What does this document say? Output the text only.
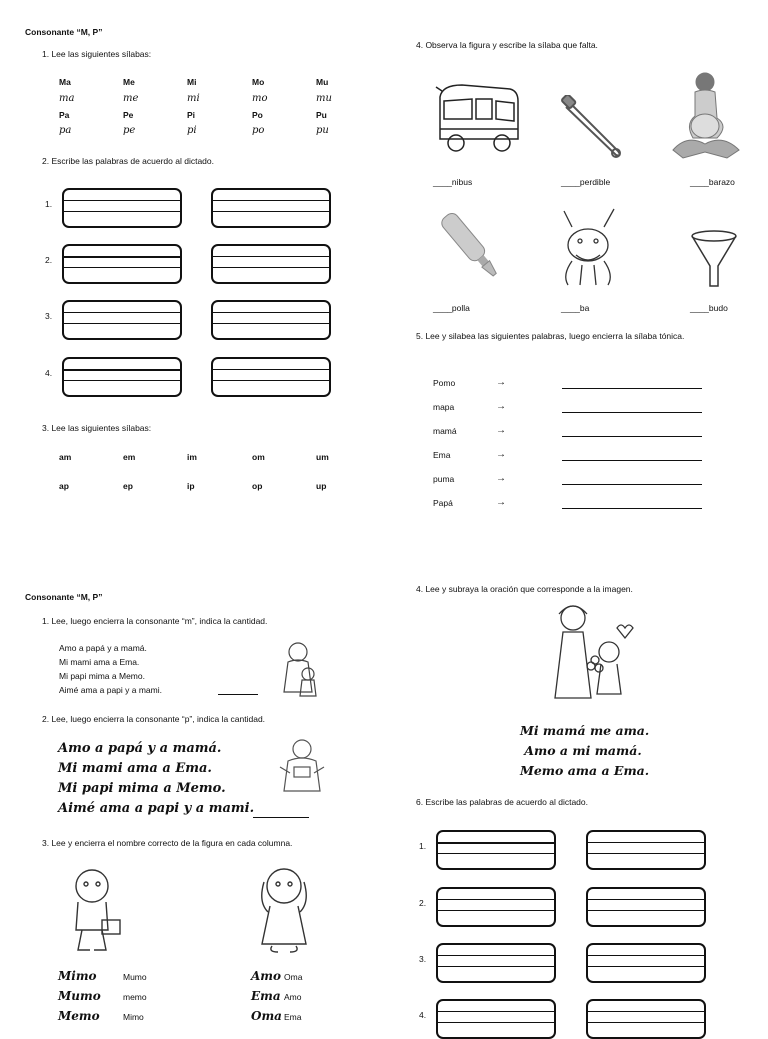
Consonante “M, P”
1. Lee las siguientes sílabas:
2. Escribe las palabras de acuerdo al dictado.
1.
2.
3.
4.
3. Lee las siguientes sílabas:
am	em	im	om	um
ap	ep	ip	op	up
4. Observa la figura y escribe la sílaba que falta.
____nibus	____perdible	____barazo
____polla	____ba	____budo
5. Lee y silabea las siguientes palabras, luego encierra la sílaba tónica.
Pomo	→
mapa	→
mamá	→
Ema	→
puma	→
Papá	→
Consonante “M, P”
1. Lee, luego encierra la consonante “m”, indica la cantidad.
Amo a papá y a mamá.
Mi mami ama a Ema.
Mi papi mima a Memo.
Aimé ama a papi y a mami.
2. Lee, luego encierra la consonante “p”, indica la cantidad.
Amo a papá y a mamá.
Mi mami ama a Ema.
Mi papi mima a Memo.
Aimé ama a papi y a mami.
3. Lee y encierra el nombre correcto de la figura en cada columna.
Mimo	Mumo	Amo Oma
Mumo	memo	Ema Amo
Memo	Mimo	Oma Ema
4. Lee y subraya la oración que corresponde a la imagen.
Mi mamá me ama.
Amo a mi mamá.
Memo ama a Ema.
6. Escribe las palabras de acuerdo al dictado.
1.
2.
3.
4.
Ma	Me	Mi	Mo	Mu
ma	me	mi	mo	mu
Pa	Pe	Pi	Po	Pu
pa	pe	pi	po	pu
